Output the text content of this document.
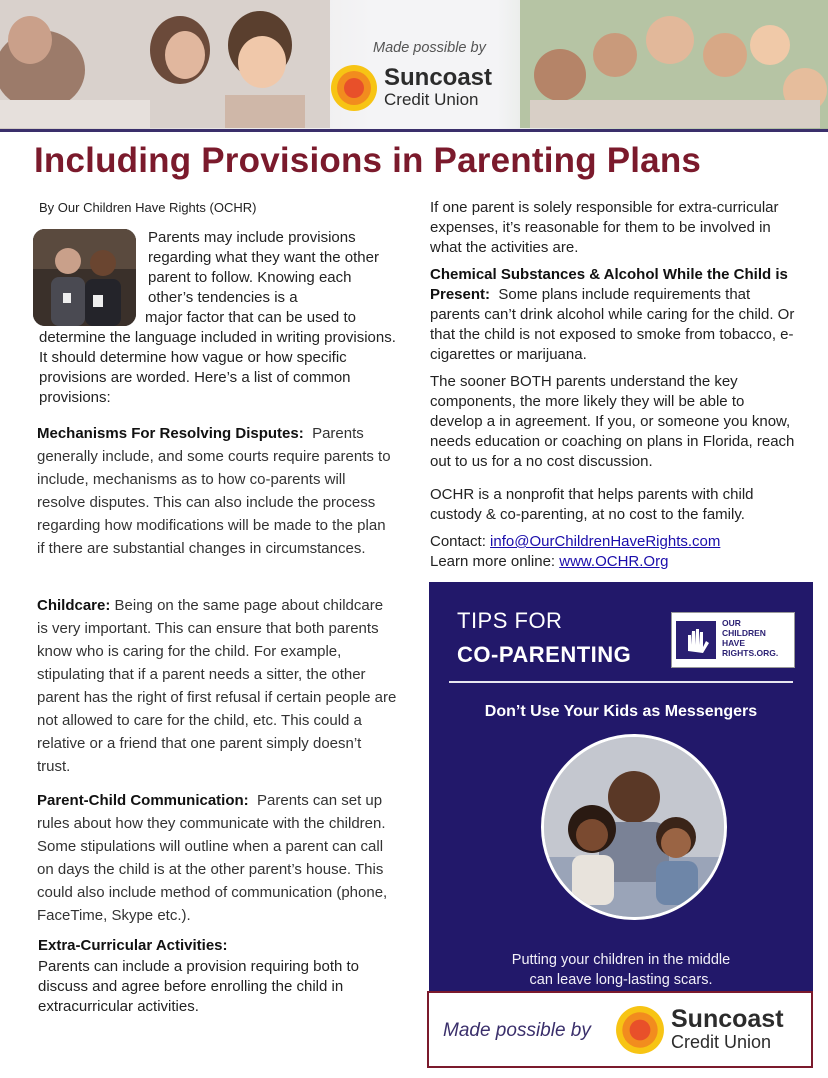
Made possible by
Suncoast
Credit Union
Including Provisions in Parenting Plans
By Our Children Have Rights (OCHR)
Parents may include provisions regarding what they want the other parent to follow. Knowing each other’s tendencies is a
major factor that can be used to
determine the language included in writing provisions. It should determine how vague or how specific provisions are worded. Here’s a list of common provisions:
Mechanisms For Resolving Disputes: Parents generally include, and some courts require parents to include, mechanisms as to how co-parents will resolve disputes. This can also include the process regarding how modifications will be made to the plan if there are substantial changes in circumstances.
Childcare: Being on the same page about childcare is very important. This can ensure that both parents know who is caring for the child. For example, stipulating that if a parent needs a sitter, the other parent has the right of first refusal if certain people are not allowed to care for the child, etc. This could a relative or a friend that one parent simply doesn’t trust.
Parent-Child Communication: Parents can set up rules about how they communicate with the children. Some stipulations will outline when a parent can call on days the child is at the other parent’s house. This could also include method of communication (phone, FaceTime, Skype etc.).
Extra-Curricular Activities:
Parents can include a provision requiring both to discuss and agree before enrolling the child in extracurricular activities.
If one parent is solely responsible for extra-curricular expenses, it’s reasonable for them to be involved in what the activities are.
Chemical Substances & Alcohol While the Child is Present: Some plans include requirements that parents can’t drink alcohol while caring for the child. Or that the child is not exposed to smoke from tobacco, e-cigarettes or marijuana.
The sooner BOTH parents understand the key components, the more likely they will be able to develop a in agreement. If you, or someone you know, needs education or coaching on plans in Florida, reach out to us for a no cost discussion.
OCHR is a nonprofit that helps parents with child custody & co-parenting, at no cost to the family.
Contact: info@OurChildrenHaveRights.com
Learn more online: www.OCHR.Org
TIPS FOR
CO-PARENTING
OUR
CHILDREN
HAVE
RIGHTS.ORG.
Don’t Use Your Kids as Messengers
Putting your children in the middle
can leave long-lasting scars.
Made possible by	Suncoast
Credit Union
